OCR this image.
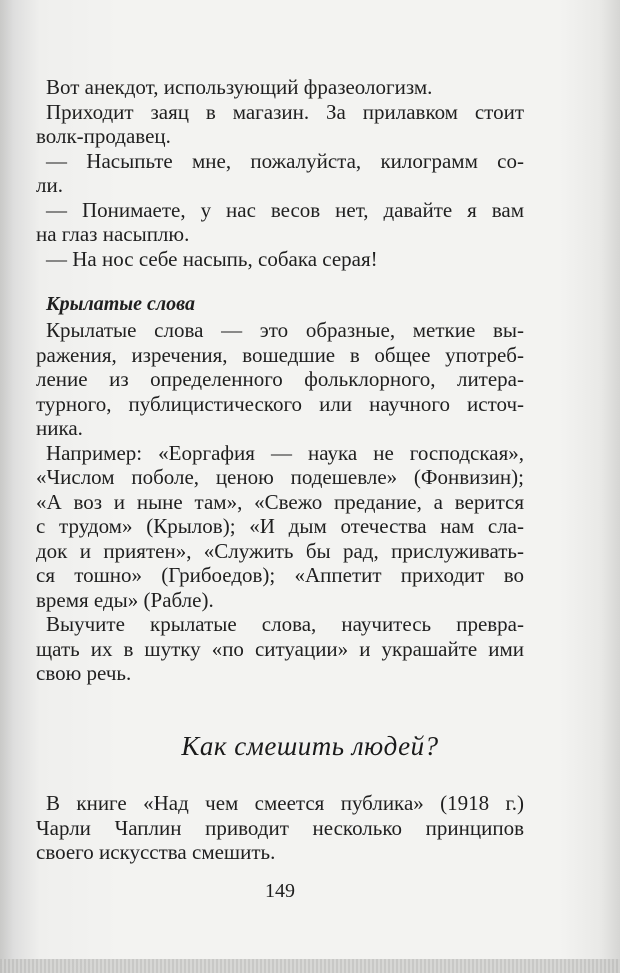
Вот анекдот, использующий фразеологизм.
Приходит заяц в магазин. За прилавком стоит
волк-продавец.
— Насыпьте мне, пожалуйста, килограмм со-
ли.
— Понимаете, у нас весов нет, давайте я вам
на глаз насыплю.
— На нос себе насыпь, собака серая!
Крылатые слова
Крылатые слова — это образные, меткие вы-
ражения, изречения, вошедшие в общее употреб-
ление из определенного фольклорного, литера-
турного, публицистического или научного источ-
ника.
Например: «Еоргафия — наука не господская»,
«Числом поболе, ценою подешевле» (Фонвизин);
«А воз и ныне там», «Свежо предание, а верится
с трудом» (Крылов); «И дым отечества нам сла-
док и приятен», «Служить бы рад, прислуживать-
ся тошно» (Грибоедов); «Аппетит приходит во
время еды» (Рабле).
Выучите крылатые слова, научитесь превра-
щать их в шутку «по ситуации» и украшайте ими
свою речь.
Как смешить людей?
В книге «Над чем смеется публика» (1918 г.)
Чарли Чаплин приводит несколько принципов
своего искусства смешить.
149
